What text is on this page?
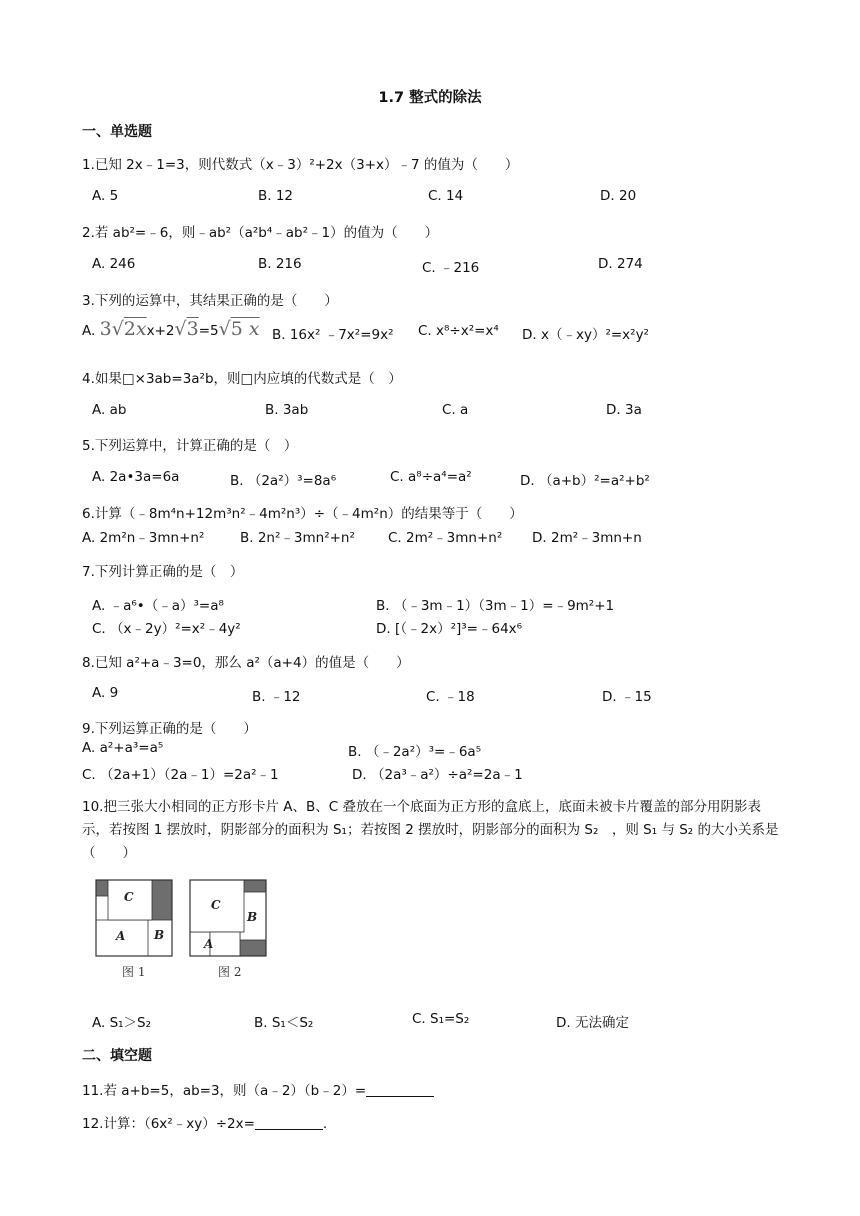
1.7 整式的除法
一、单选题
1.已知 2x﹣1=3，则代数式（x﹣3）²+2x（3+x）﹣7 的值为（　　）
A. 5	B. 12	C. 14	D. 20
2.若 ab²=﹣6，则﹣ab²（a²b⁴﹣ab²﹣1）的值为（　　）
A. 246	B. 216	C. ﹣216	D. 274
3.下列的运算中，其结果正确的是（　　）
A. 3√2xx+2√3=5√5 x B. 16x² ﹣7x²=9x² C. x⁸÷x²=x⁴ D. x（﹣xy）²=x²y²
4.如果□×3ab=3a²b，则□内应填的代数式是（　）
A. ab	B. 3ab	C. a	D. 3a
5.下列运算中，计算正确的是（　）
A. 2a•3a=6a	B. （2a²）³=8a⁶	C. a⁸÷a⁴=a²	D. （a+b）²=a²+b²
6.计算（﹣8m⁴n+12m³n²﹣4m²n³）÷（﹣4m²n）的结果等于（　　）
A. 2m²n﹣3mn+n²	B. 2n²﹣3mn²+n² C. 2m²﹣3mn+n² D. 2m²﹣3mn+n
7.下列计算正确的是（　）
A. ﹣a⁶•（﹣a）³=a⁸	B. （﹣3m﹣1）（3m﹣1）=﹣9m²+1
C. （x﹣2y）²=x²﹣4y²	D. [（﹣2x）²]³=﹣64x⁶
8.已知 a²+a﹣3=0，那么 a²（a+4）的值是（　　）
A. 9	B. ﹣12	C. ﹣18	D. ﹣15
9.下列运算正确的是（　　）
A. a²+a³=a⁵	B. （﹣2a²）³=﹣6a⁵
C. （2a+1）（2a﹣1）=2a²﹣1	D. （2a³﹣a²）÷a²=2a﹣1
10.把三张大小相同的正方形卡片 A、B、C 叠放在一个底面为正方形的盒底上，底面未被卡片覆盖的部分用阴影表示，若按图 1 摆放时，阴影部分的面积为 S₁；若按图 2 摆放时，阴影部分的面积为 S₂　，则 S₁ 与 S₂ 的大小关系是（　　）
C
A B
图 1
C
B
A
图 2
A. S₁＞S₂	B. S₁＜S₂	C. S₁=S₂	D. 无法确定
二、填空题
11.若 a+b=5，ab=3，则（a﹣2）（b﹣2）=
12.计算：（6x²﹣xy）÷2x=	.
